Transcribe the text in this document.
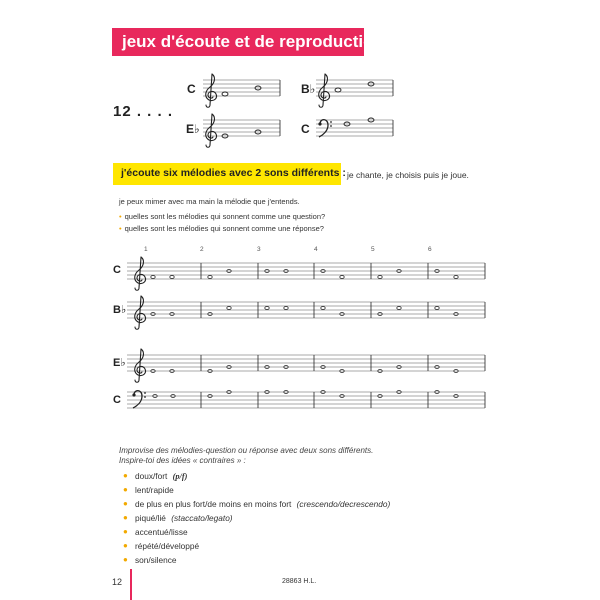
jeux d'écoute et de reproduction
12 . . . .
C	B♭
E♭	C
j'écoute six mélodies avec 2 sons différents : je chante, je choisis puis je joue.
je peux mimer avec ma main la mélodie que j'entends.
• quelles sont les mélodies qui sonnent comme une question?
• quelles sont les mélodies qui sonnent comme une réponse?
1	2	3	4	5	6
C
B♭
E♭
C
Improvise des mélodies-question ou réponse avec deux sons différents.
Inspire-toi des idées « contraires » :
● doux/fort (p/f)
● lent/rapide
● de plus en plus fort/de moins en moins fort (crescendo/decrescendo)
● piqué/lié (staccato/legato)
● accentué/lisse
● répété/développé
● son/silence
12	28863 H.L.
